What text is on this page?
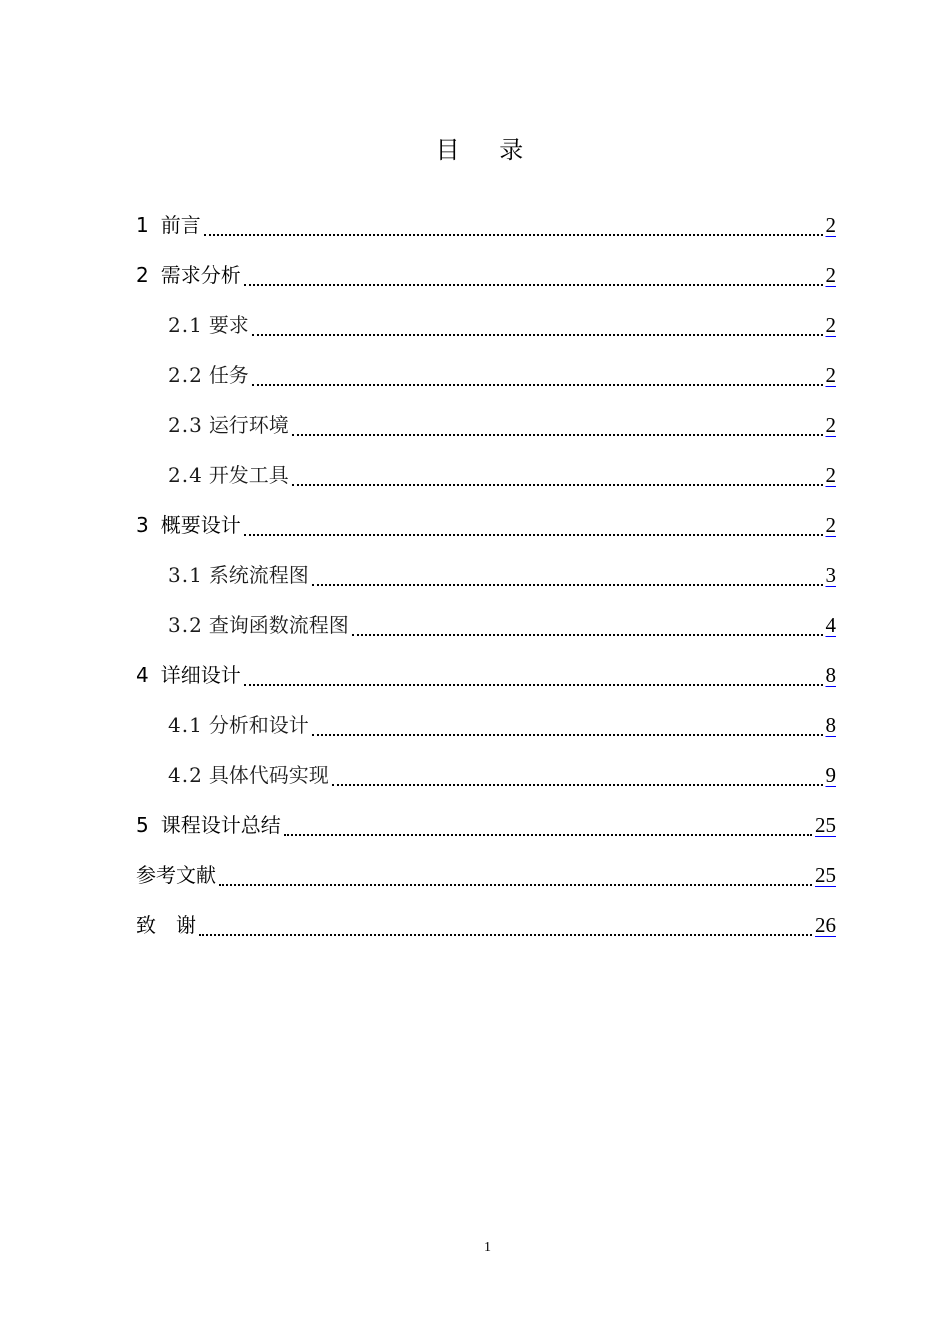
目 录
1 前言	2
2 需求分析	2
2.1 要求	2
2.2 任务	2
2.3 运行环境	2
2.4 开发工具	2
3 概要设计	2
3.1 系统流程图	3
3.2 查询函数流程图	4
4 详细设计	8
4.1 分析和设计	8
4.2 具体代码实现	9
5 课程设计总结	25
参考文献	25
致　谢	26
1
